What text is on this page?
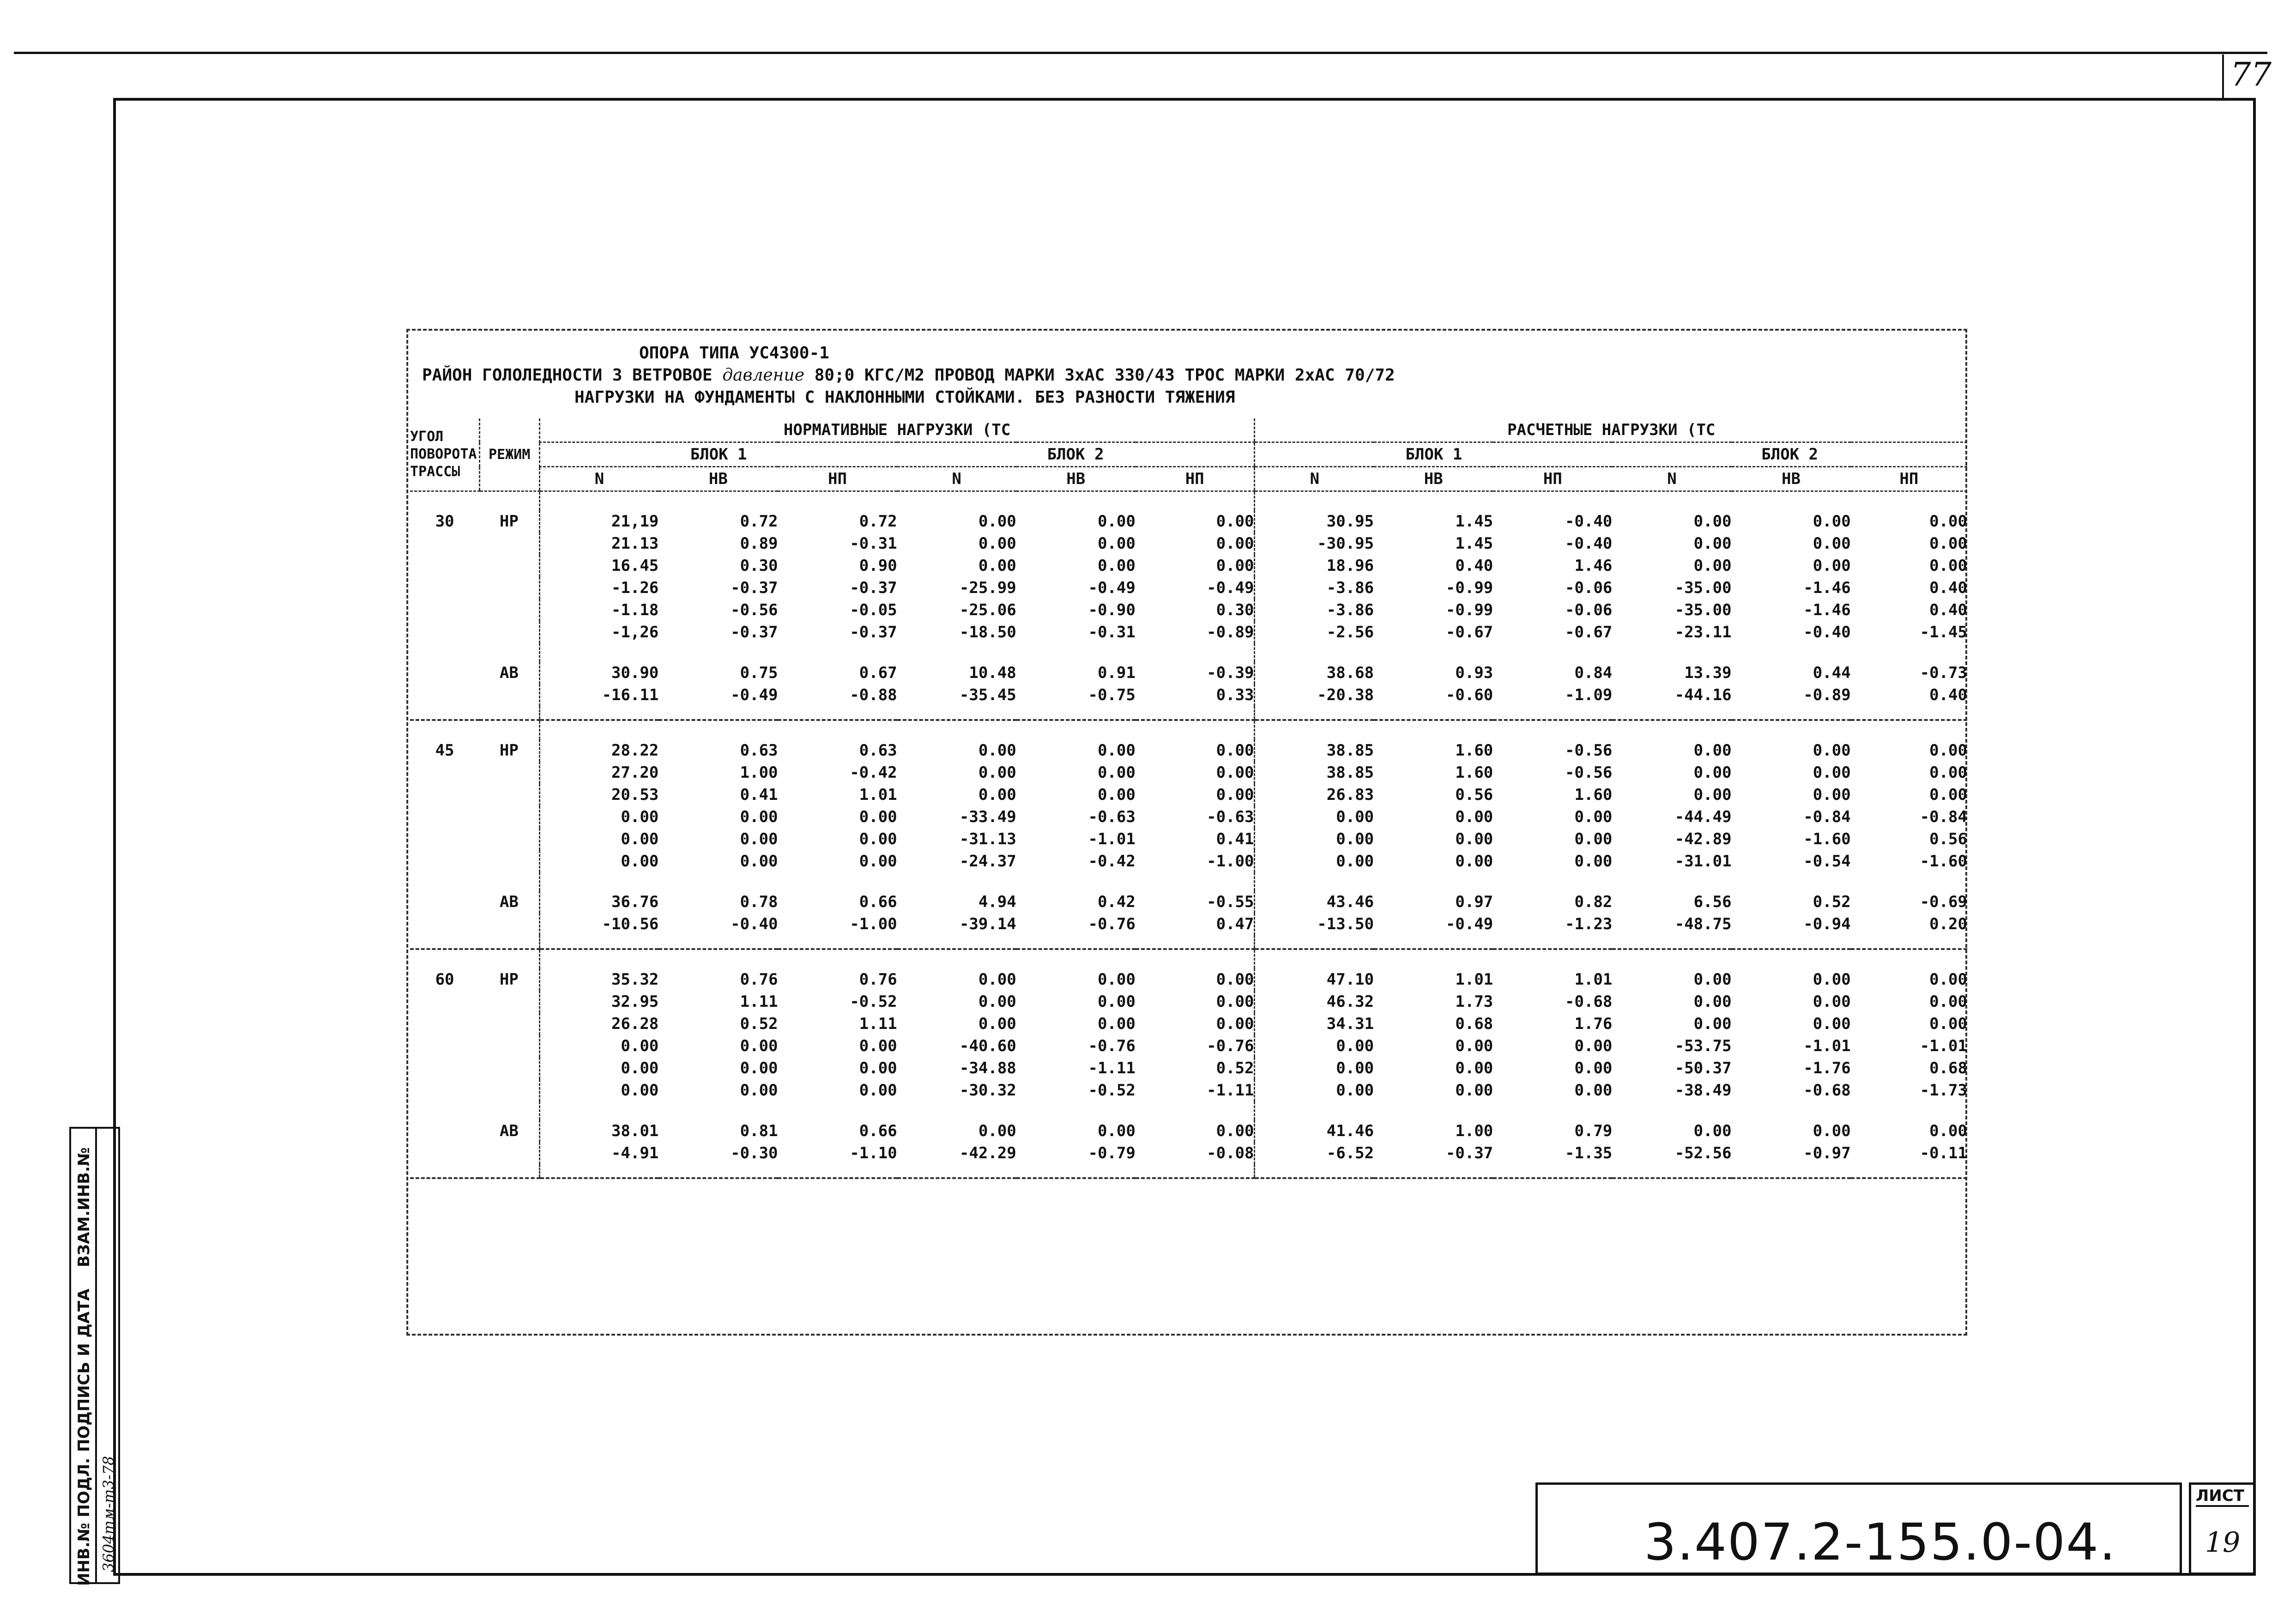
77
ОПОРА ТИПА УС4300-1
РАЙОН ГОЛОЛЕДНОСТИ 3 ВЕТРОВОЕ давление 80;0 КГС/М2 ПРОВОД МАРКИ 3хАС 330/43 ТРОС МАРКИ 2хАС 70/72
НАГРУЗКИ НА ФУНДАМЕНТЫ С НАКЛОННЫМИ СТОЙКАМИ. БЕЗ РАЗНОСТИ ТЯЖЕНИЯ
УГОЛ ПОВОРОТА ТРАССЫ	РЕЖИМ	НОРМАТИВНЫЕ НАГРУЗКИ (ТС						РАСЧЕТНЫЕ НАГРУЗКИ (ТС					
		БЛОК 1			БЛОК 2			БЛОК 1			БЛОК 2		
		N	НВ	НП	N	НВ	НП	N	НВ	НП	N	НВ	НП

30	НР	21,19	0.72	0.72	0.00	0.00	0.00	30.95	1.45	-0.40	0.00	0.00	0.00
		21.13	0.89	-0.31	0.00	0.00	0.00	-30.95	1.45	-0.40	0.00	0.00	0.00
		16.45	0.30	0.90	0.00	0.00	0.00	18.96	0.40	1.46	0.00	0.00	0.00
		-1.26	-0.37	-0.37	-25.99	-0.49	-0.49	-3.86	-0.99	-0.06	-35.00	-1.46	0.40
		-1.18	-0.56	-0.05	-25.06	-0.90	0.30	-3.86	-0.99	-0.06	-35.00	-1.46	0.40
		-1,26	-0.37	-0.37	-18.50	-0.31	-0.89	-2.56	-0.67	-0.67	-23.11	-0.40	-1.45

	АВ	30.90	0.75	0.67	10.48	0.91	-0.39	38.68	0.93	0.84	13.39	0.44	-0.73
		-16.11	-0.49	-0.88	-35.45	-0.75	0.33	-20.38	-0.60	-1.09	-44.16	-0.89	0.40

45	НР	28.22	0.63	0.63	0.00	0.00	0.00	38.85	1.60	-0.56	0.00	0.00	0.00
		27.20	1.00	-0.42	0.00	0.00	0.00	38.85	1.60	-0.56	0.00	0.00	0.00
		20.53	0.41	1.01	0.00	0.00	0.00	26.83	0.56	1.60	0.00	0.00	0.00
		0.00	0.00	0.00	-33.49	-0.63	-0.63	0.00	0.00	0.00	-44.49	-0.84	-0.84
		0.00	0.00	0.00	-31.13	-1.01	0.41	0.00	0.00	0.00	-42.89	-1.60	0.56
		0.00	0.00	0.00	-24.37	-0.42	-1.00	0.00	0.00	0.00	-31.01	-0.54	-1.60

	АВ	36.76	0.78	0.66	4.94	0.42	-0.55	43.46	0.97	0.82	6.56	0.52	-0.69
		-10.56	-0.40	-1.00	-39.14	-0.76	0.47	-13.50	-0.49	-1.23	-48.75	-0.94	0.20

60	НР	35.32	0.76	0.76	0.00	0.00	0.00	47.10	1.01	1.01	0.00	0.00	0.00
		32.95	1.11	-0.52	0.00	0.00	0.00	46.32	1.73	-0.68	0.00	0.00	0.00
		26.28	0.52	1.11	0.00	0.00	0.00	34.31	0.68	1.76	0.00	0.00	0.00
		0.00	0.00	0.00	-40.60	-0.76	-0.76	0.00	0.00	0.00	-53.75	-1.01	-1.01
		0.00	0.00	0.00	-34.88	-1.11	0.52	0.00	0.00	0.00	-50.37	-1.76	0.68
		0.00	0.00	0.00	-30.32	-0.52	-1.11	0.00	0.00	0.00	-38.49	-0.68	-1.73

	АВ	38.01	0.81	0.66	0.00	0.00	0.00	41.46	1.00	0.79	0.00	0.00	0.00
		-4.91	-0.30	-1.10	-42.29	-0.79	-0.08	-6.52	-0.37	-1.35	-52.56	-0.97	-0.11

ИНВ.№ ПОДЛ.
ПОДПИСЬ И ДАТА
ВЗАМ.ИНВ.№
3604тм-т3-78	3.407.2-155.0-04.
ЛИСТ
19
